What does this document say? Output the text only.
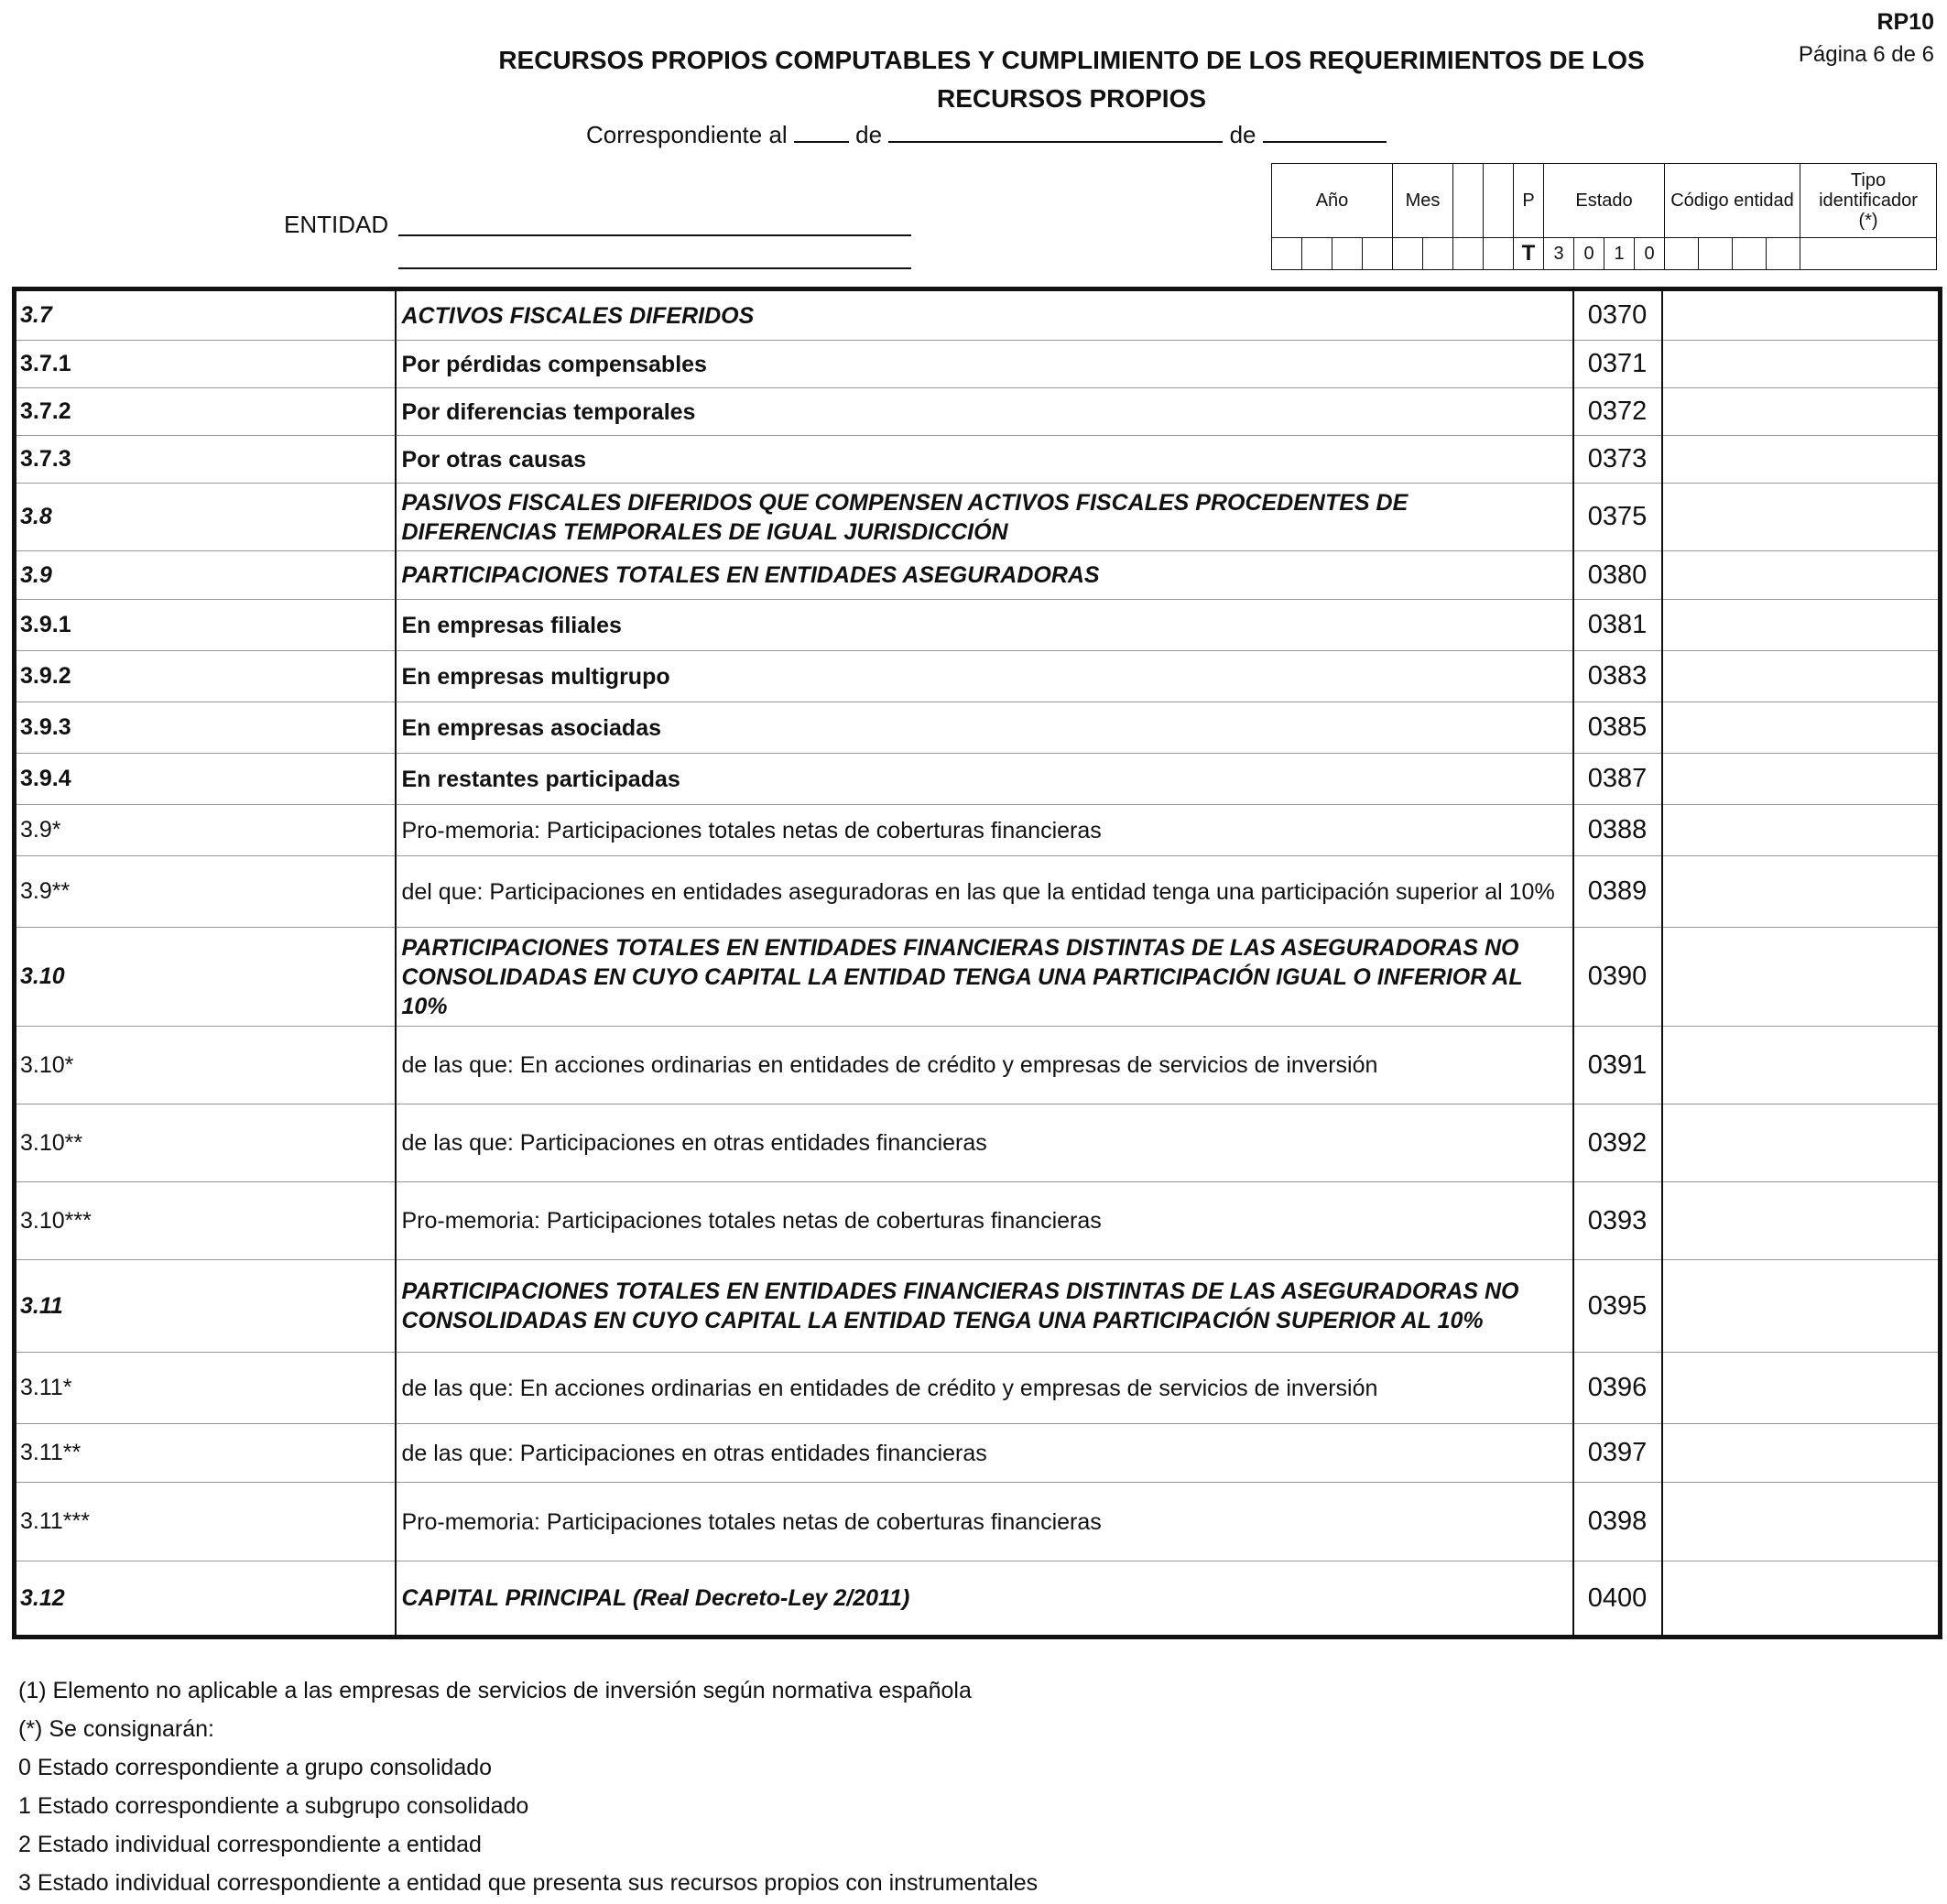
RP10
Página 6 de 6
RECURSOS PROPIOS COMPUTABLES Y CUMPLIMIENTO DE LOS REQUERIMIENTOS DE LOS
RECURSOS PROPIOS
Correspondiente al	de	de
ENTIDAD
Año				Mes				P	Estado				Código entidad				Tipo
identificador
(*)

								T	3	0	1	0					
3.7	ACTIVOS FISCALES DIFERIDOS	0370	
3.7.1	Por pérdidas compensables	0371	
3.7.2	Por diferencias temporales	0372	
3.7.3	Por otras causas	0373	
3.8	PASIVOS FISCALES DIFERIDOS QUE COMPENSEN ACTIVOS FISCALES PROCEDENTES DE DIFERENCIAS TEMPORALES DE IGUAL JURISDICCIÓN	0375	
3.9	PARTICIPACIONES TOTALES EN ENTIDADES ASEGURADORAS	0380	
3.9.1	En empresas filiales	0381	
3.9.2	En empresas multigrupo	0383	
3.9.3	En empresas asociadas	0385	
3.9.4	En restantes participadas	0387	
3.9*	Pro-memoria: Participaciones totales netas de coberturas financieras	0388	
3.9**	del que: Participaciones en entidades aseguradoras en las que la entidad tenga una participación superior al 10%	0389	
3.10	PARTICIPACIONES TOTALES EN ENTIDADES FINANCIERAS DISTINTAS DE LAS ASEGURADORAS NO CONSOLIDADAS EN CUYO CAPITAL LA ENTIDAD TENGA UNA PARTICIPACIÓN IGUAL O INFERIOR AL 10%	0390	
3.10*	de las que: En acciones ordinarias en entidades de crédito y empresas de servicios de inversión	0391	
3.10**	de las que: Participaciones en otras entidades financieras	0392	
3.10***	Pro-memoria: Participaciones totales netas de coberturas financieras	0393	
3.11	PARTICIPACIONES TOTALES EN ENTIDADES FINANCIERAS DISTINTAS DE LAS ASEGURADORAS NO CONSOLIDADAS EN CUYO CAPITAL LA ENTIDAD TENGA UNA PARTICIPACIÓN SUPERIOR AL 10%	0395	
3.11*	de las que: En acciones ordinarias en entidades de crédito y empresas de servicios de inversión	0396	
3.11**	de las que: Participaciones en otras entidades financieras	0397	
3.11***	Pro-memoria: Participaciones totales netas de coberturas financieras	0398	
3.12	CAPITAL PRINCIPAL (Real Decreto-Ley 2/2011)	0400	
(1) Elemento no aplicable a las empresas de servicios de inversión según normativa española
(*) Se consignarán:
0 Estado correspondiente a grupo consolidado
1 Estado correspondiente a subgrupo consolidado
2 Estado individual correspondiente a entidad
3 Estado individual correspondiente a entidad que presenta sus recursos propios con instrumentales
